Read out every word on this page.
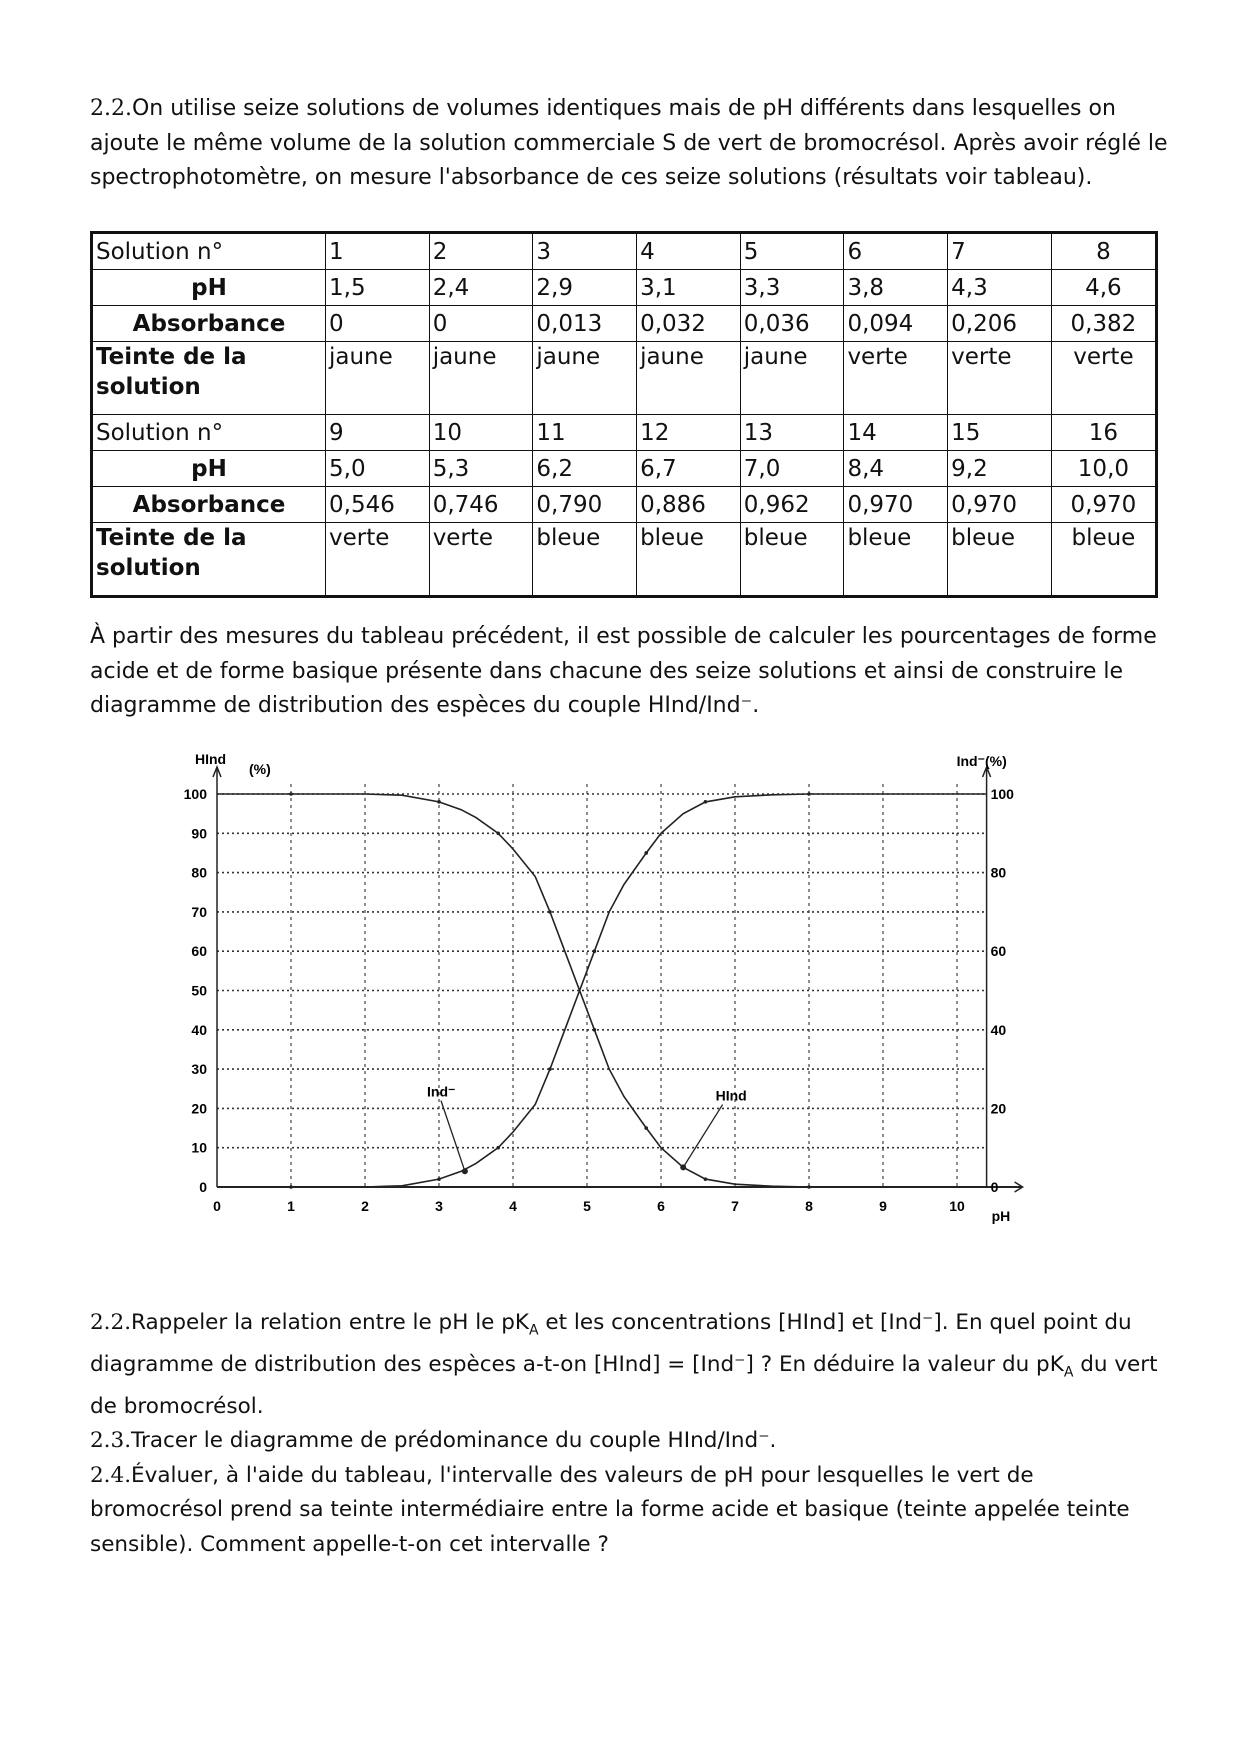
2.2.On utilise seize solutions de volumes identiques mais de pH différents dans lesquelles on ajoute le même volume de la solution commerciale S de vert de bromocrésol. Après avoir réglé le spectrophotomètre, on mesure l'absorbance de ces seize solutions (résultats voir tableau).

Solution n°	1	2	3	4	5	6	7	8
pH	1,5	2,4	2,9	3,1	3,3	3,8	4,3	4,6
Absorbance	0	0	0,013	0,032	0,036	0,094	0,206	0,382
Teinte de la solution	jaune	jaune	jaune	jaune	jaune	verte	verte	verte
Solution n°	9	10	11	12	13	14	15	16
pH	5,0	5,3	6,2	6,7	7,0	8,4	9,2	10,0
Absorbance	0,546	0,746	0,790	0,886	0,962	0,970	0,970	0,970
Teinte de la solution	verte	verte	bleue	bleue	bleue	bleue	bleue	bleue

À partir des mesures du tableau précédent, il est possible de calculer les pourcentages de forme acide et de forme basique présente dans chacune des seize solutions et ainsi de construire le diagramme de distribution des espèces du couple HInd/Ind⁻.

0	1	2	3	4	5	6	7	8	9	10
0
10
20
30
40
50
60
70
80
90
100
0
20
40
60
80
100
HInd
(%)	Ind⁻(%)
pH
Ind⁻	HInd

2.2.Rappeler la relation entre le pH le $pK_A$ et les concentrations [HInd] et [Ind⁻]. En quel point du diagramme de distribution des espèces a-t-on [HInd] = [Ind⁻] ? En déduire la valeur du $pK_A$ du vert de bromocrésol.

2.3.Tracer le diagramme de prédominance du couple HInd/Ind⁻.

2.4.Évaluer, à l'aide du tableau, l'intervalle des valeurs de pH pour lesquelles le vert de bromocrésol prend sa teinte intermédiaire entre la forme acide et basique (teinte appelée teinte sensible). Comment appelle-t-on cet intervalle ?
